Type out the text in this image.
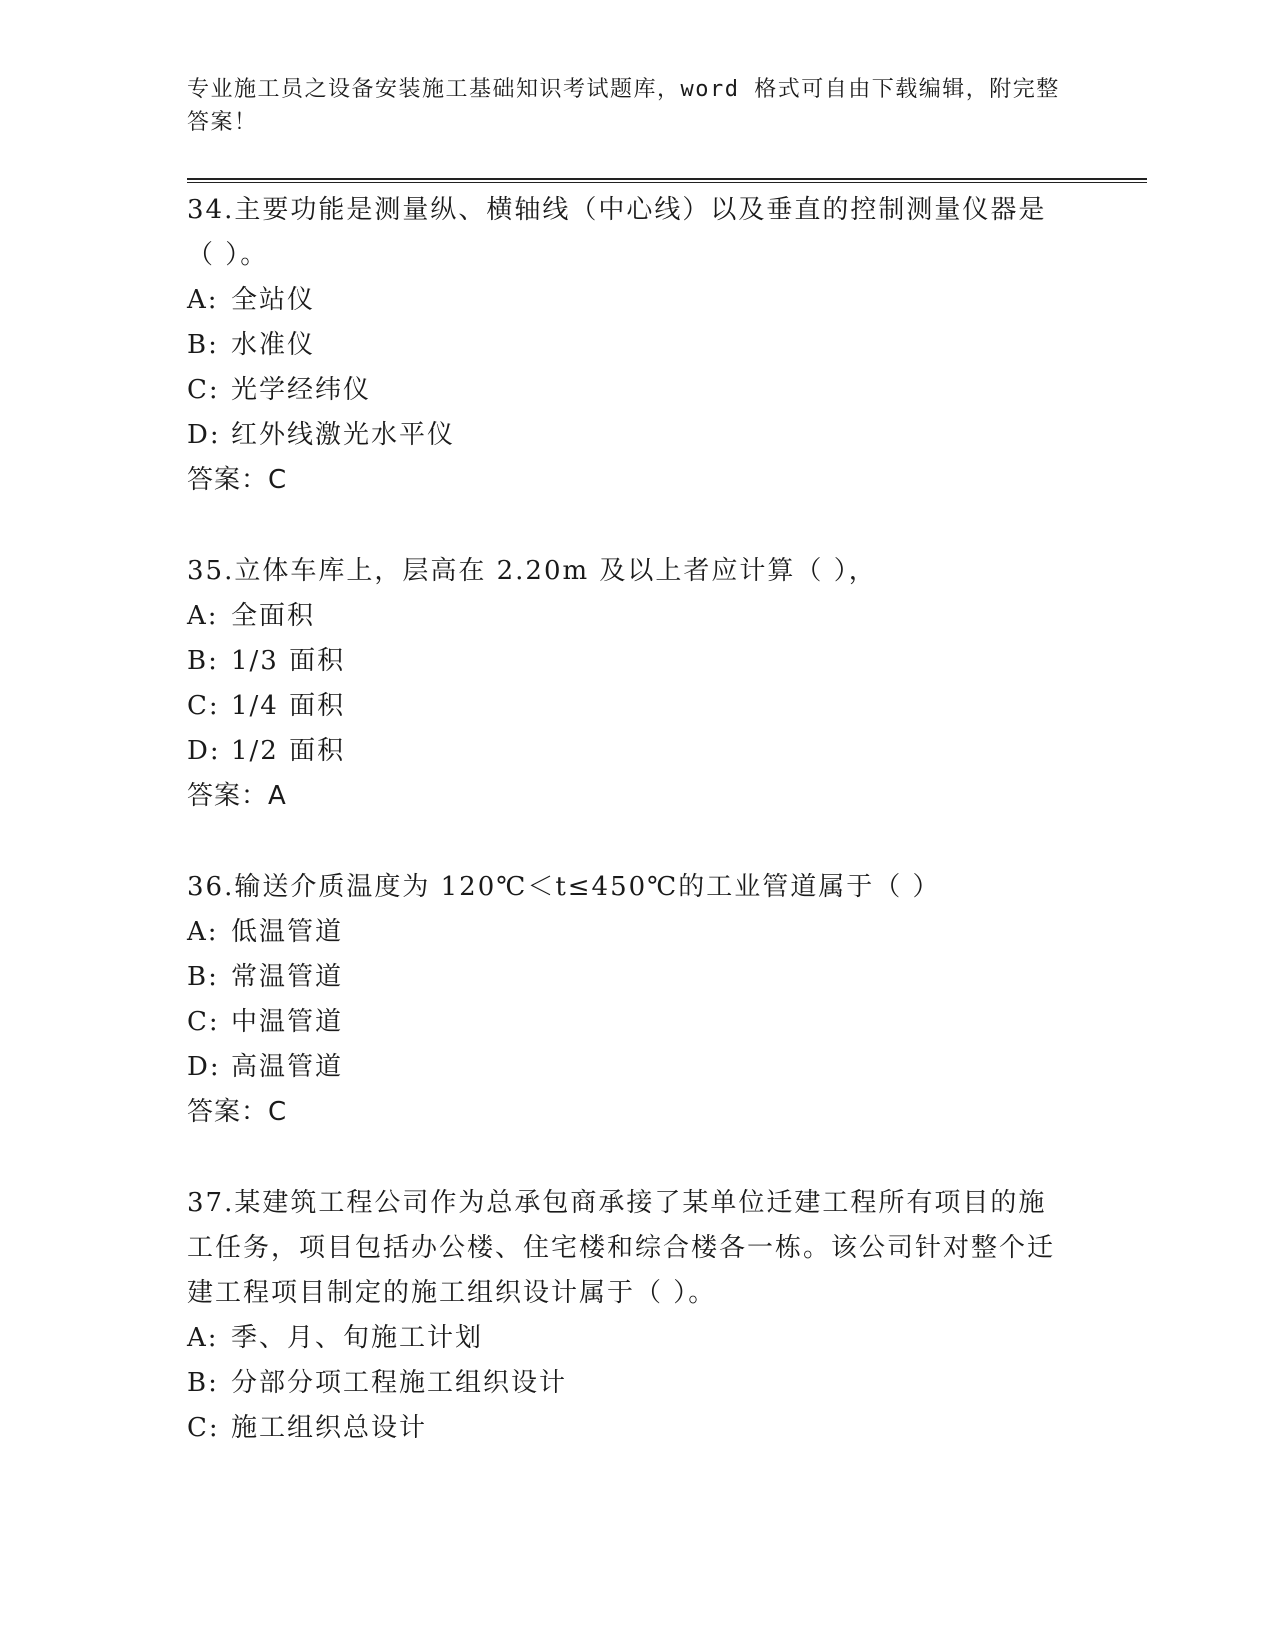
专业施工员之设备安装施工基础知识考试题库，word 格式可自由下载编辑，附完整答案！

34.主要功能是测量纵、横轴线（中心线）以及垂直的控制测量仪器是（ ）。

A: 全站仪

B: 水准仪

C: 光学经纬仪

D: 红外线激光水平仪

答案：C

35.立体车库上，层高在 2.20m 及以上者应计算（ ），

A: 全面积

B: 1/3 面积

C: 1/4 面积

D: 1/2 面积

答案：A

36.输送介质温度为 120℃＜t≤450℃的工业管道属于（ ）

A: 低温管道

B: 常温管道

C: 中温管道

D: 高温管道

答案：C

37.某建筑工程公司作为总承包商承接了某单位迁建工程所有项目的施工任务，项目包括办公楼、住宅楼和综合楼各一栋。该公司针对整个迁建工程项目制定的施工组织设计属于（ ）。

A: 季、月、旬施工计划

B: 分部分项工程施工组织设计

C: 施工组织总设计
